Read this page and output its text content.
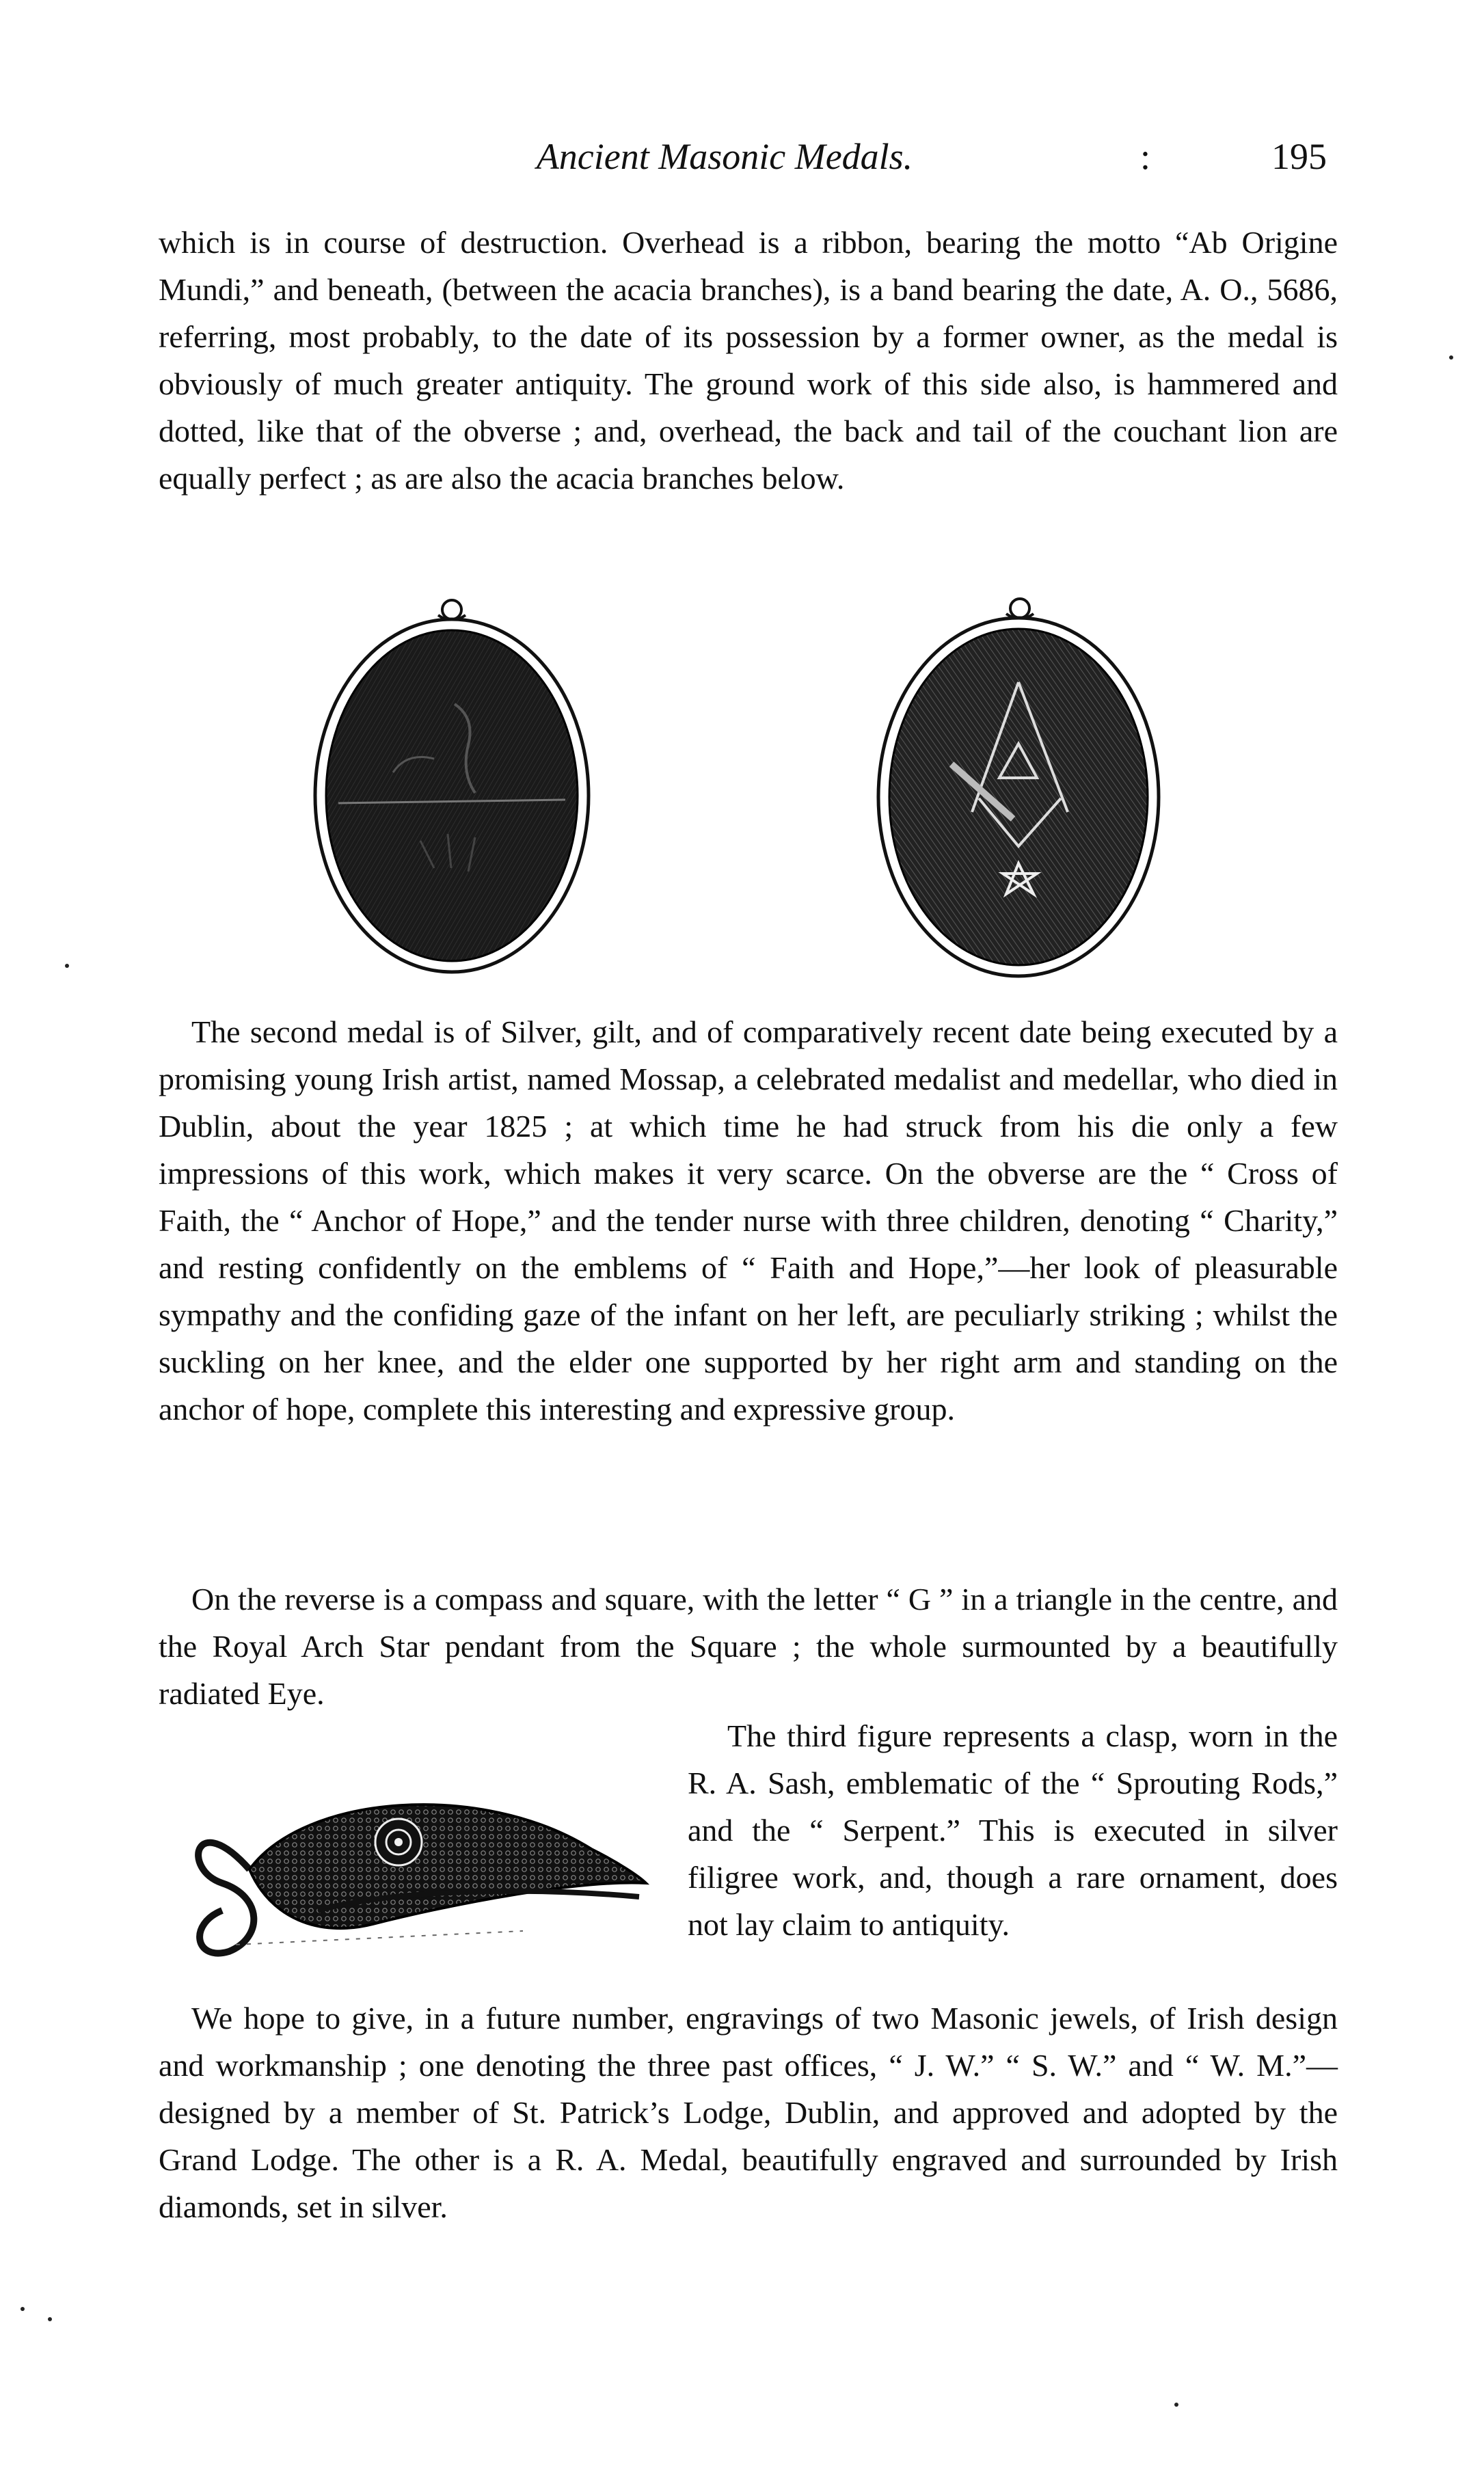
Ancient Masonic Medals.	:	195

which is in course of destruction. Overhead is a ribbon, bearing the motto “Ab Origine Mundi,” and beneath, (between the acacia branches), is a band bearing the date, A. O., 5686, referring, most probably, to the date of its possession by a former owner, as the medal is obviously of much greater antiquity. The ground work of this side also, is hammered and dotted, like that of the obverse ; and, overhead, the back and tail of the couchant lion are equally perfect ; as are also the acacia branches below.

The second medal is of Silver, gilt, and of comparatively recent date being executed by a promising young Irish artist, named Mossap, a celebrated medalist and medellar, who died in Dublin, about the year 1825 ; at which time he had struck from his die only a few impressions of this work, which makes it very scarce. On the obverse are the “ Cross of Faith, the “ Anchor of Hope,” and the tender nurse with three children, denoting “ Charity,” and resting confidently on the emblems of “ Faith and Hope,”—her look of pleasurable sympathy and the confiding gaze of the infant on her left, are peculiarly striking ; whilst the suckling on her knee, and the elder one supported by her right arm and standing on the anchor of hope, complete this interesting and expressive group.

On the reverse is a compass and square, with the letter “ G ” in a triangle in the centre, and the Royal Arch Star pendant from the Square ; the whole surmounted by a beautifully radiated Eye.

The third figure represents a clasp, worn in the R. A. Sash, emblematic of the “ Sprouting Rods,” and the “ Serpent.” This is executed in silver filigree work, and, though a rare ornament, does not lay claim to antiquity.

We hope to give, in a future number, engravings of two Masonic jewels, of Irish design and workmanship ; one denoting the three past offices, “ J. W.” “ S. W.” and “ W. M.”—designed by a member of St. Patrick’s Lodge, Dublin, and approved and adopted by the Grand Lodge. The other is a R. A. Medal, beautifully engraved and surrounded by Irish diamonds, set in silver.
